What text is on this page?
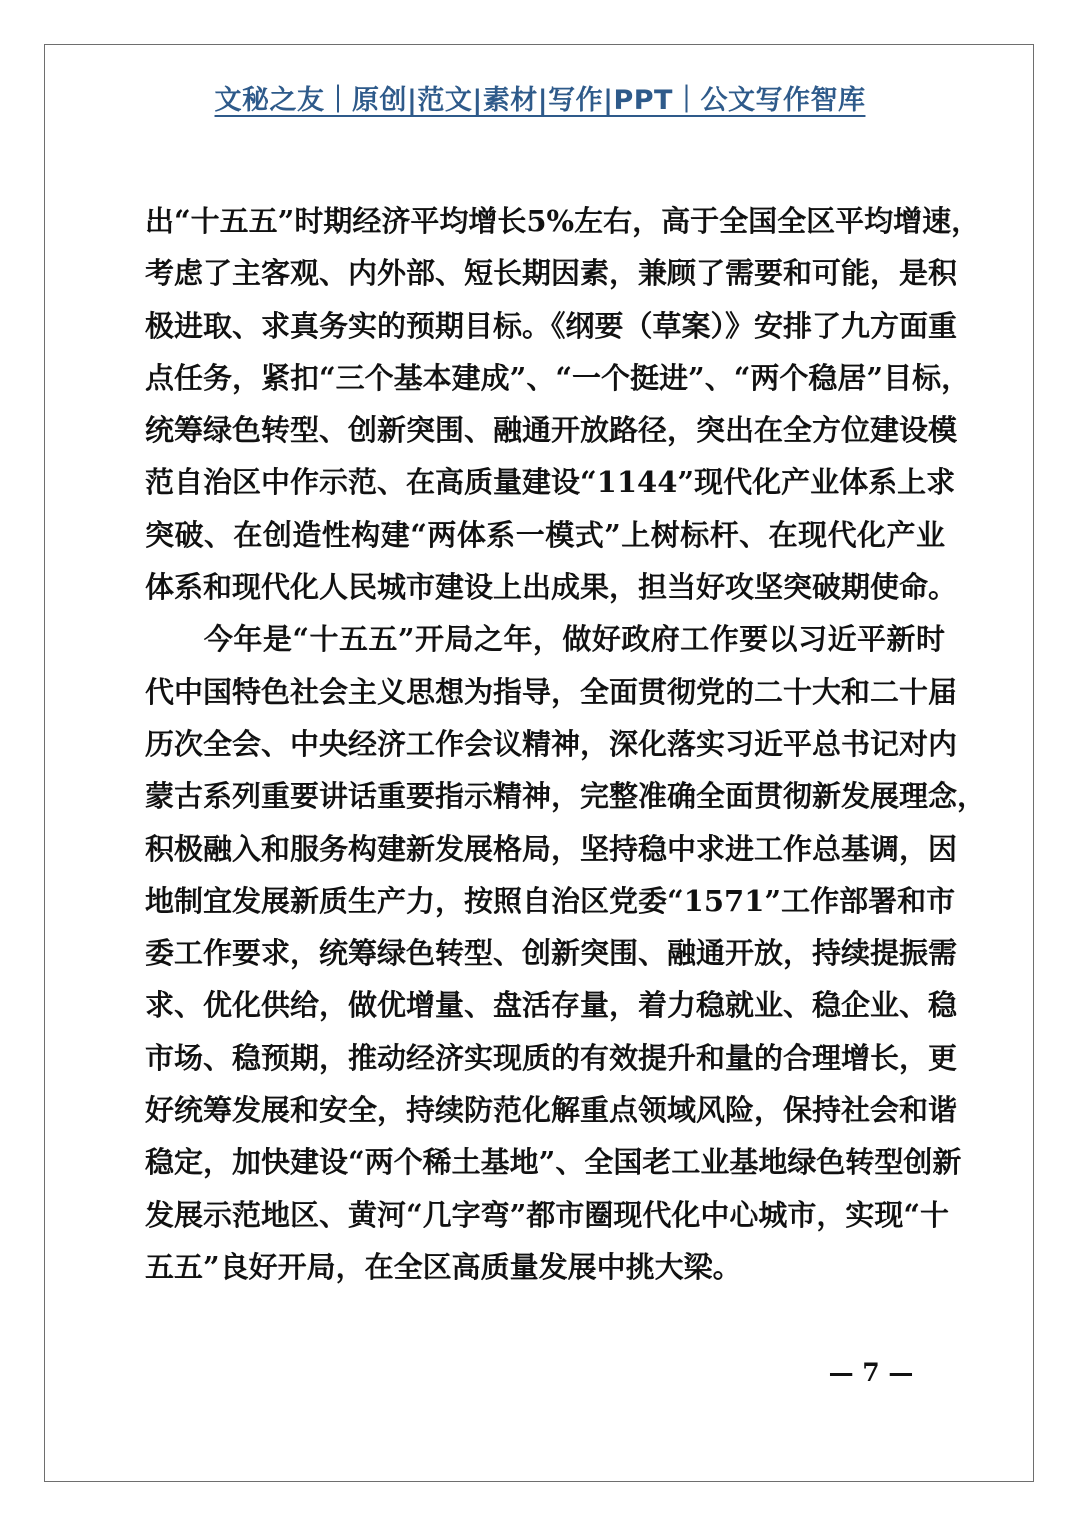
文秘之友｜原创|范文|素材|写作|PPT｜公文写作智库
出“十五五”时期经济平均增长5%左右，高于全国全区平均增速，
考虑了主客观、内外部、短长期因素，兼顾了需要和可能，是积
极进取、求真务实的预期目标。《纲要（草案）》安排了九方面重
点任务，紧扣“三个基本建成”、“一个挺进”、“两个稳居”目标，
统筹绿色转型、创新突围、融通开放路径，突出在全方位建设模
范自治区中作示范、在高质量建设“1144”现代化产业体系上求
突破、在创造性构建“两体系一模式”上树标杆、在现代化产业
体系和现代化人民城市建设上出成果，担当好攻坚突破期使命。
　　今年是“十五五”开局之年，做好政府工作要以习近平新时
代中国特色社会主义思想为指导，全面贯彻党的二十大和二十届
历次全会、中央经济工作会议精神，深化落实习近平总书记对内
蒙古系列重要讲话重要指示精神，完整准确全面贯彻新发展理念，
积极融入和服务构建新发展格局，坚持稳中求进工作总基调，因
地制宜发展新质生产力，按照自治区党委“1571”工作部署和市
委工作要求，统筹绿色转型、创新突围、融通开放，持续提振需
求、优化供给，做优增量、盘活存量，着力稳就业、稳企业、稳
市场、稳预期，推动经济实现质的有效提升和量的合理增长，更
好统筹发展和安全，持续防范化解重点领域风险，保持社会和谐
稳定，加快建设“两个稀土基地”、全国老工业基地绿色转型创新
发展示范地区、黄河“几字弯”都市圈现代化中心城市，实现“十
五五”良好开局，在全区高质量发展中挑大梁。
— 7 —
